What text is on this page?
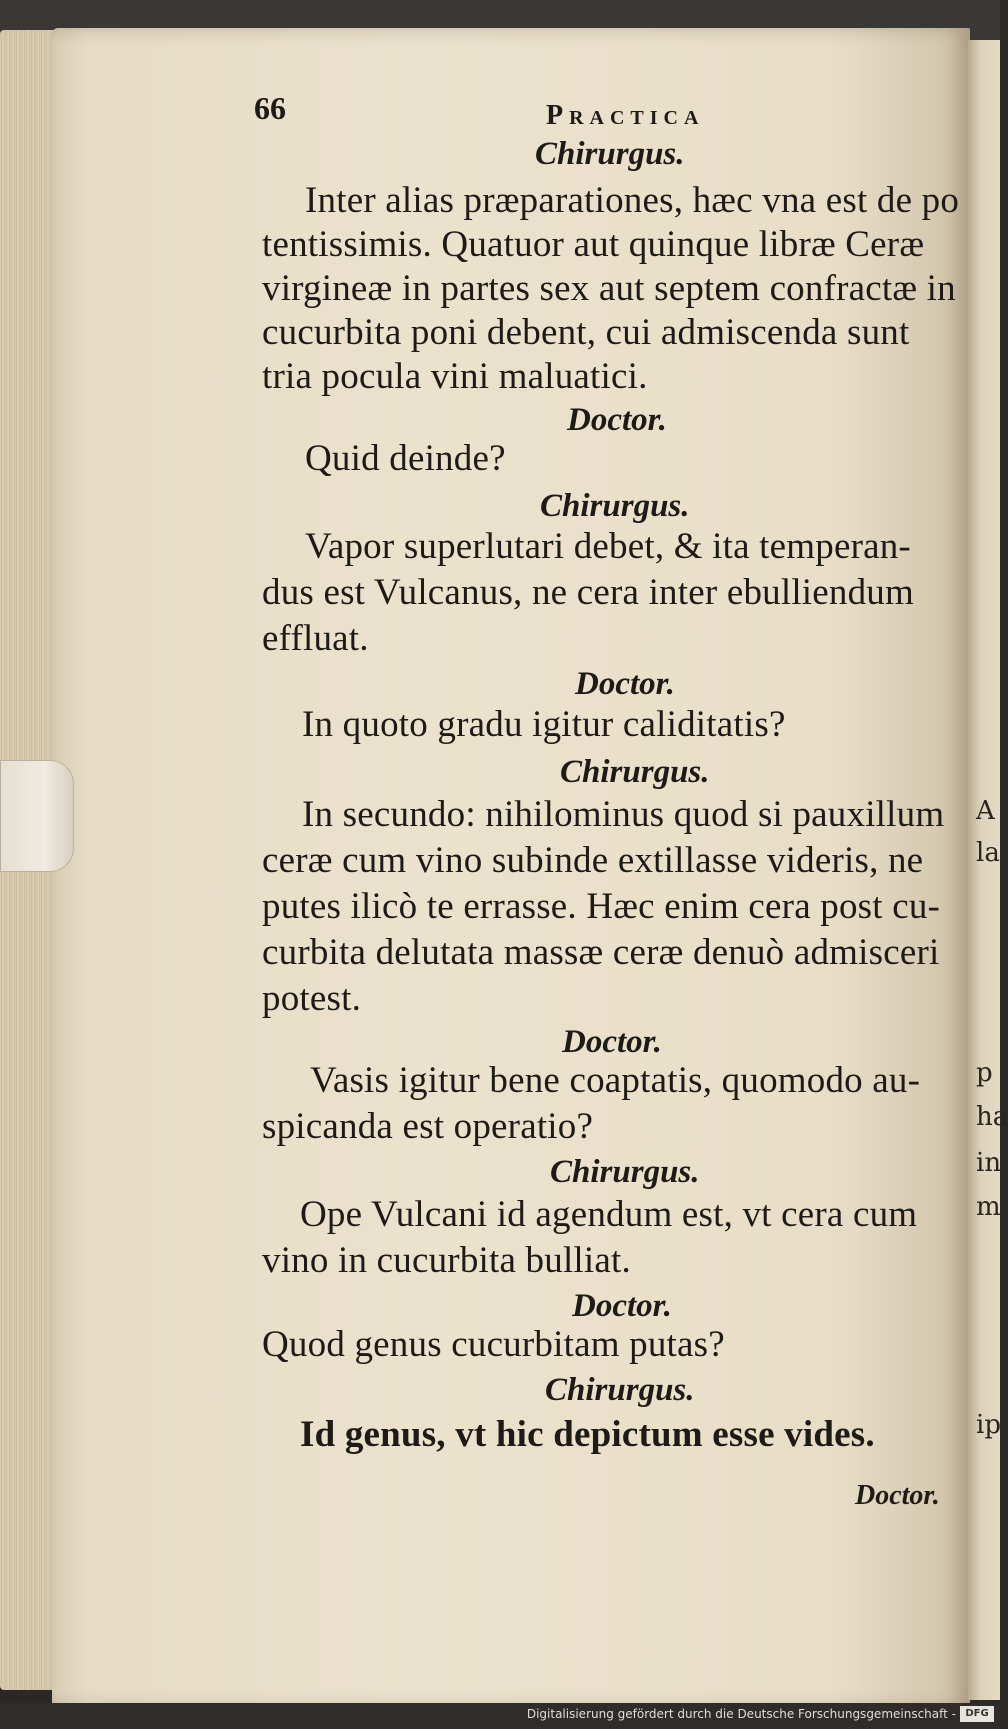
66	Practica
Chirurgus.
Inter alias præparationes, hæc vna est de po
tentissimis. Quatuor aut quinque libræ Ceræ
virgineæ in partes sex aut septem confractæ in
cucurbita poni debent, cui admiscenda sunt
tria pocula vini maluatici.
Doctor.
Quid deinde?
Chirurgus.
Vapor superlutari debet, & ita temperan-
dus est Vulcanus, ne cera inter ebulliendum
effluat.
Doctor.
In quoto gradu igitur caliditatis?
Chirurgus.
In secundo: nihilominus quod si pauxillum
ceræ cum vino subinde extillasse videris, ne
putes ilicò te errasse. Hæc enim cera post cu-
curbita delutata massæ ceræ denuò admisceri
potest.
Doctor.
Vasis igitur bene coaptatis, quomodo au-
spicanda est operatio?
Chirurgus.
Ope Vulcani id agendum est, vt cera cum
vino in cucurbita bulliat.
Doctor.
Quod genus cucurbitam putas?
Chirurgus.
Id genus, vt hic depictum esse vides.
Doctor.
A
la
p
ha
in
m
ip
Digitalisierung gefördert durch die Deutsche Forschungsgemeinschaft - DFG
